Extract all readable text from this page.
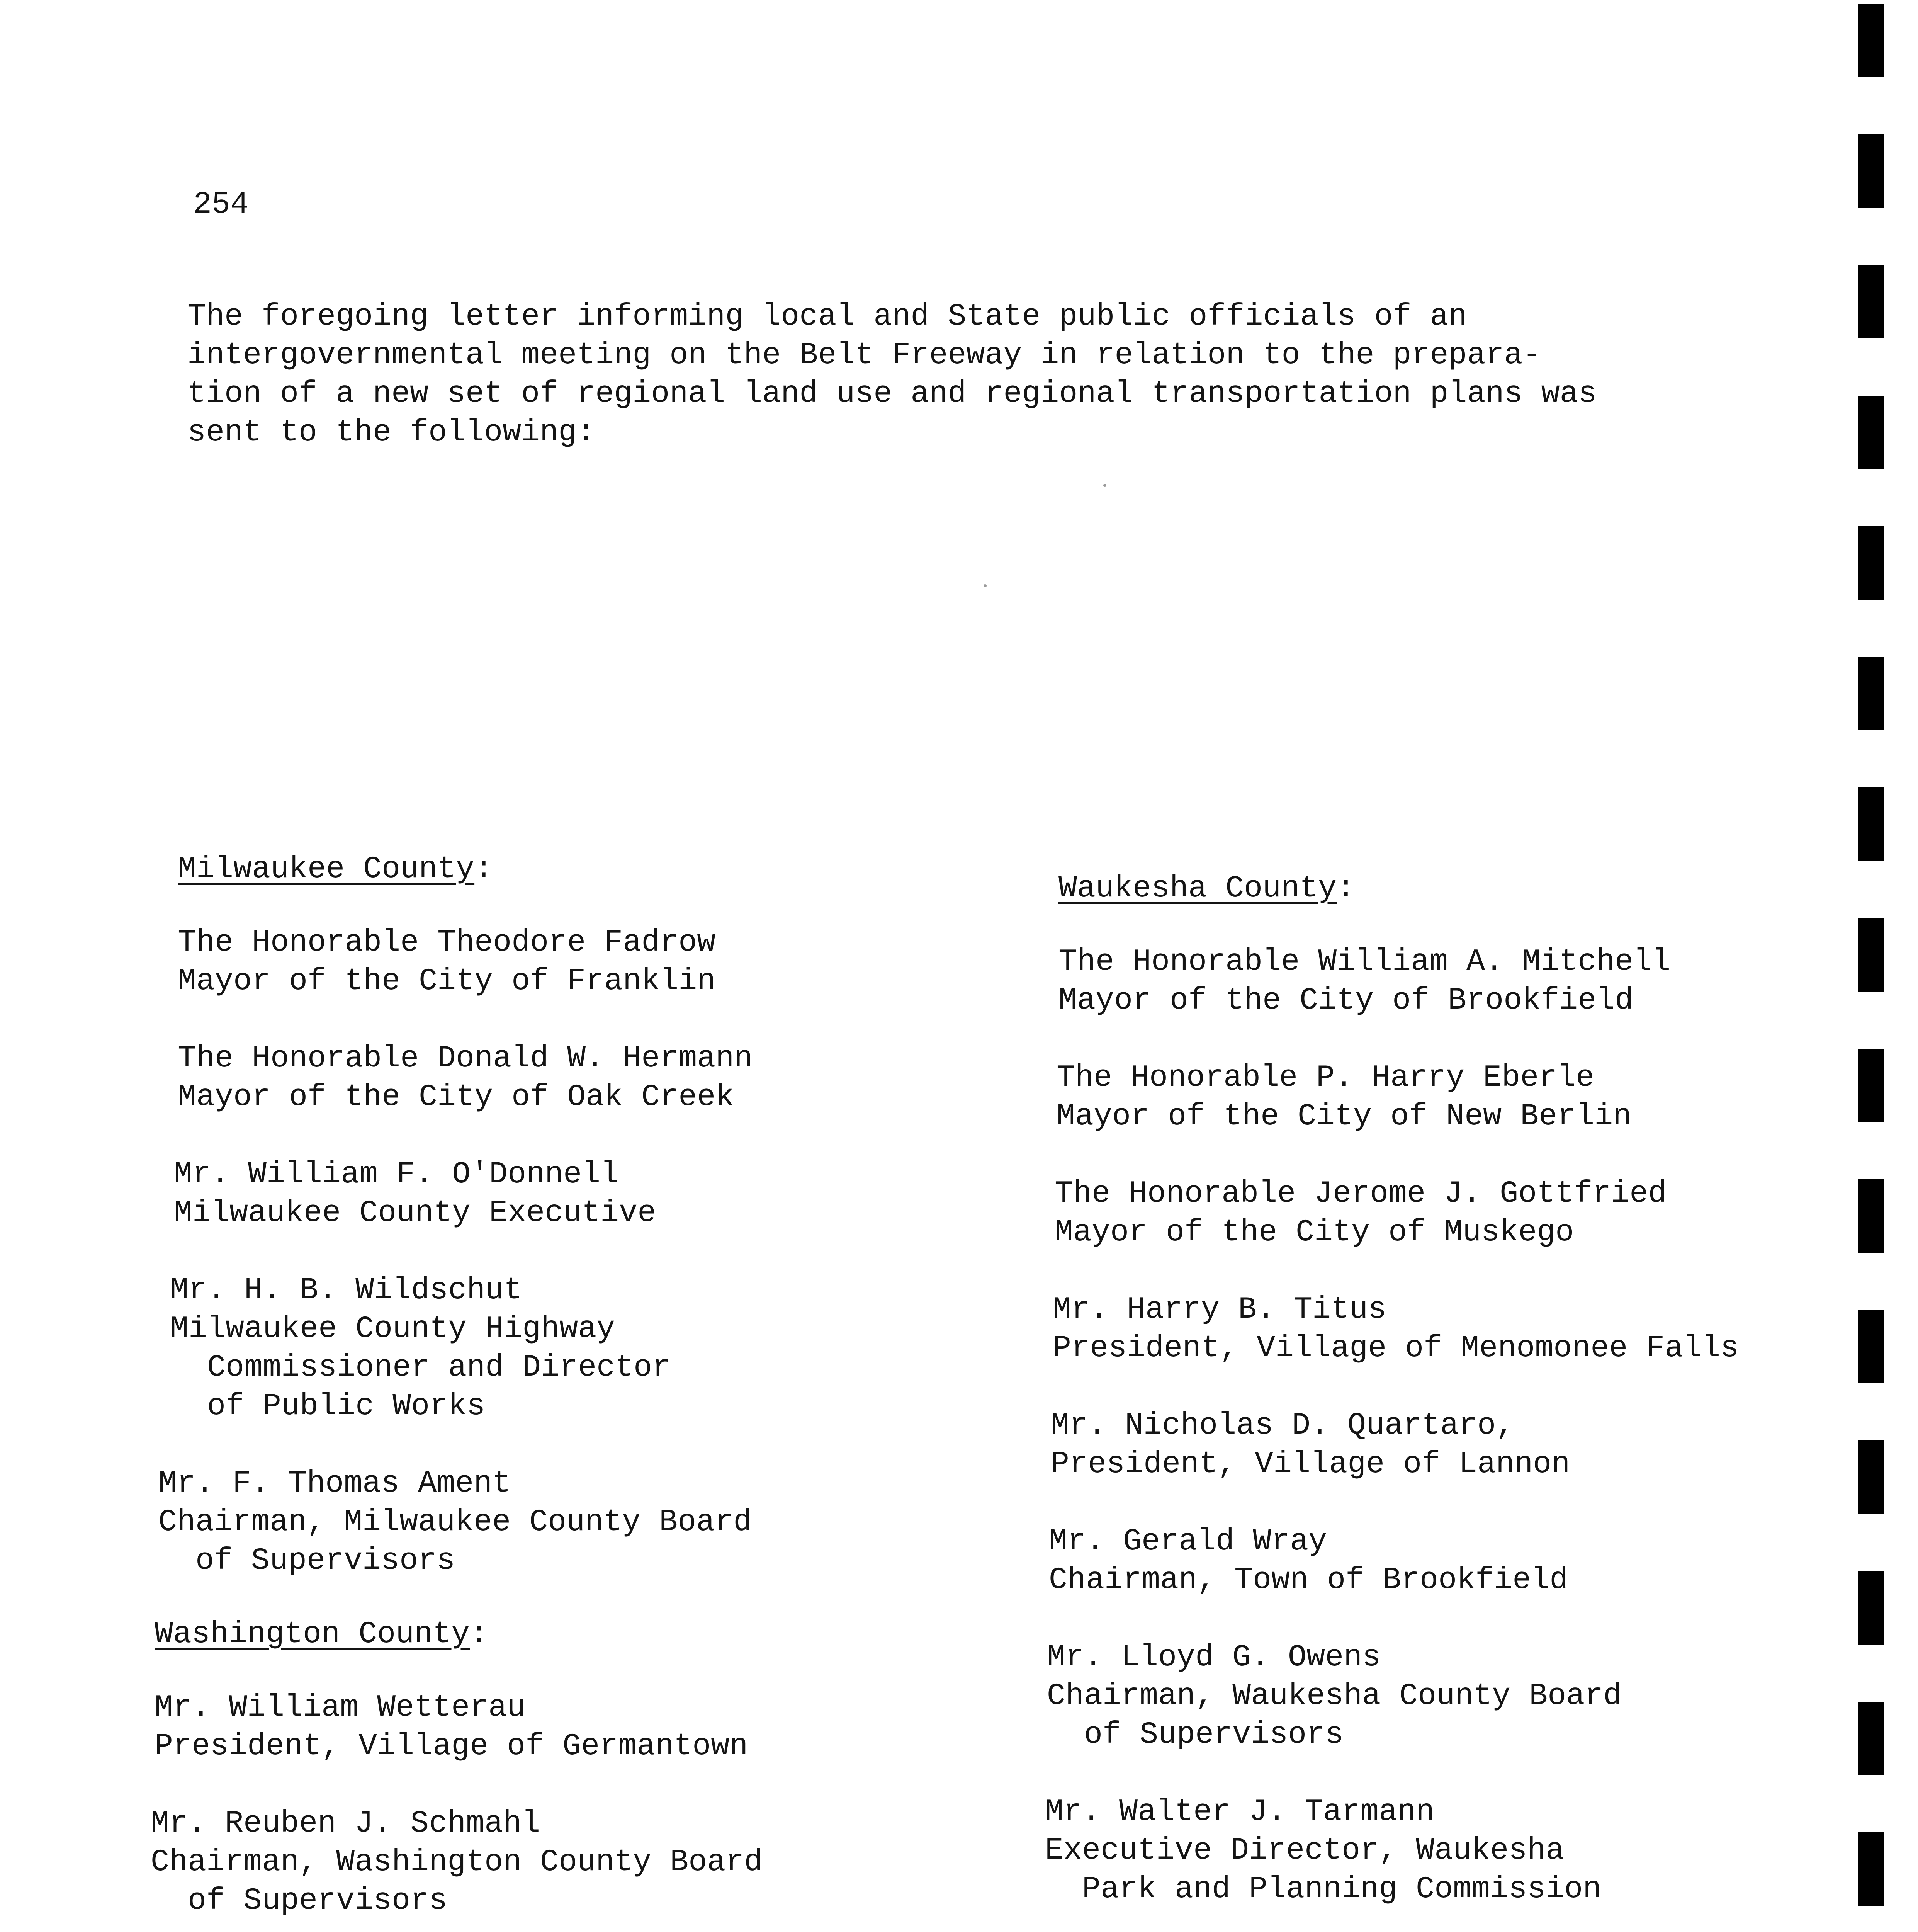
254

The foregoing letter informing local and State public officials of an
intergovernmental meeting on the Belt Freeway in relation to the prepara-
tion of a new set of regional land use and regional transportation plans was
sent to the following:

Milwaukee County:
The Honorable Theodore Fadrow
Mayor of the City of Franklin
The Honorable Donald W. Hermann
Mayor of the City of Oak Creek
Mr. William F. O'Donnell
Milwaukee County Executive
Mr. H. B. Wildschut
Milwaukee County Highway
Commissioner and Director
of Public Works
Mr. F. Thomas Ament
Chairman, Milwaukee County Board
of Supervisors
Washington County:
Mr. William Wetterau
President, Village of Germantown
Mr. Reuben J. Schmahl
Chairman, Washington County Board
of Supervisors
Waukesha County:
The Honorable William A. Mitchell
Mayor of the City of Brookfield
The Honorable P. Harry Eberle
Mayor of the City of New Berlin
The Honorable Jerome J. Gottfried
Mayor of the City of Muskego
Mr. Harry B. Titus
President, Village of Menomonee Falls
Mr. Nicholas D. Quartaro,
President, Village of Lannon
Mr. Gerald Wray
Chairman, Town of Brookfield
Mr. Lloyd G. Owens
Chairman, Waukesha County Board
of Supervisors
Mr. Walter J. Tarmann
Executive Director, Waukesha
Park and Planning Commission
